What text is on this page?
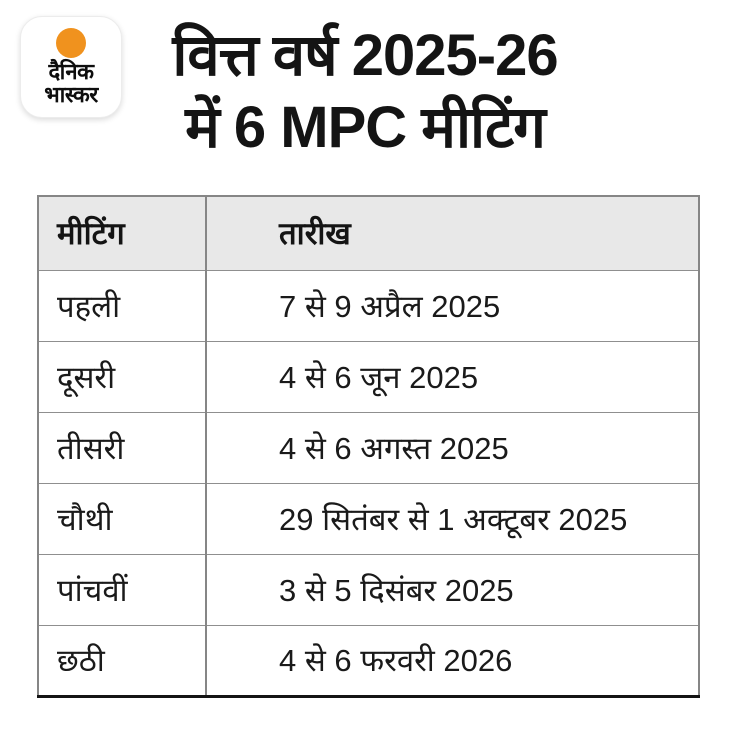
दैनिक
भास्कर
वित्त वर्ष 2025-26
में 6 MPC मीटिंग
मीटिंग	तारीख
पहली	7 से 9 अप्रैल 2025
दूसरी	4 से 6 जून 2025
तीसरी	4 से 6 अगस्त 2025
चौथी	29 सितंबर से 1 अक्टूबर 2025
पांचवीं	3 से 5 दिसंबर 2025
छठी	4 से 6 फरवरी 2026
